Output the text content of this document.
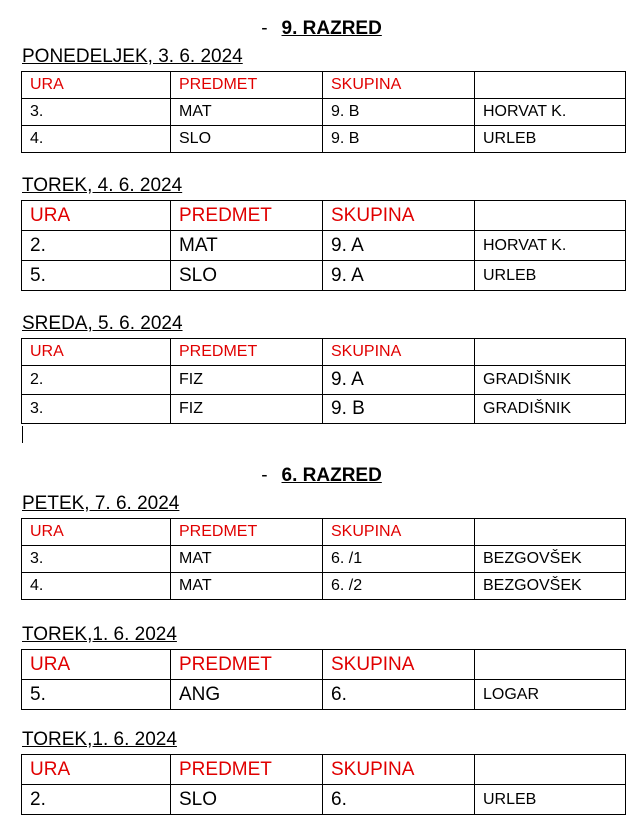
- 9. RAZRED
PONEDELJEK, 3. 6. 2024
URA	PREDMET	SKUPINA	
3.	MAT	9. B	HORVAT K.
4.	SLO	9. B	URLEB
TOREK, 4. 6. 2024
URA	PREDMET	SKUPINA	
2.	MAT	9. A	HORVAT K.
5.	SLO	9. A	URLEB
SREDA, 5. 6. 2024
URA	PREDMET	SKUPINA	
2.	FIZ	9. A	GRADIŠNIK
3.	FIZ	9. B	GRADIŠNIK
- 6. RAZRED
PETEK, 7. 6. 2024
URA	PREDMET	SKUPINA	
3.	MAT	6. /1	BEZGOVŠEK
4.	MAT	6. /2	BEZGOVŠEK
TOREK,1. 6. 2024
URA	PREDMET	SKUPINA	
5.	ANG	6.	LOGAR
TOREK,1. 6. 2024
URA	PREDMET	SKUPINA	
2.	SLO	6.	URLEB
